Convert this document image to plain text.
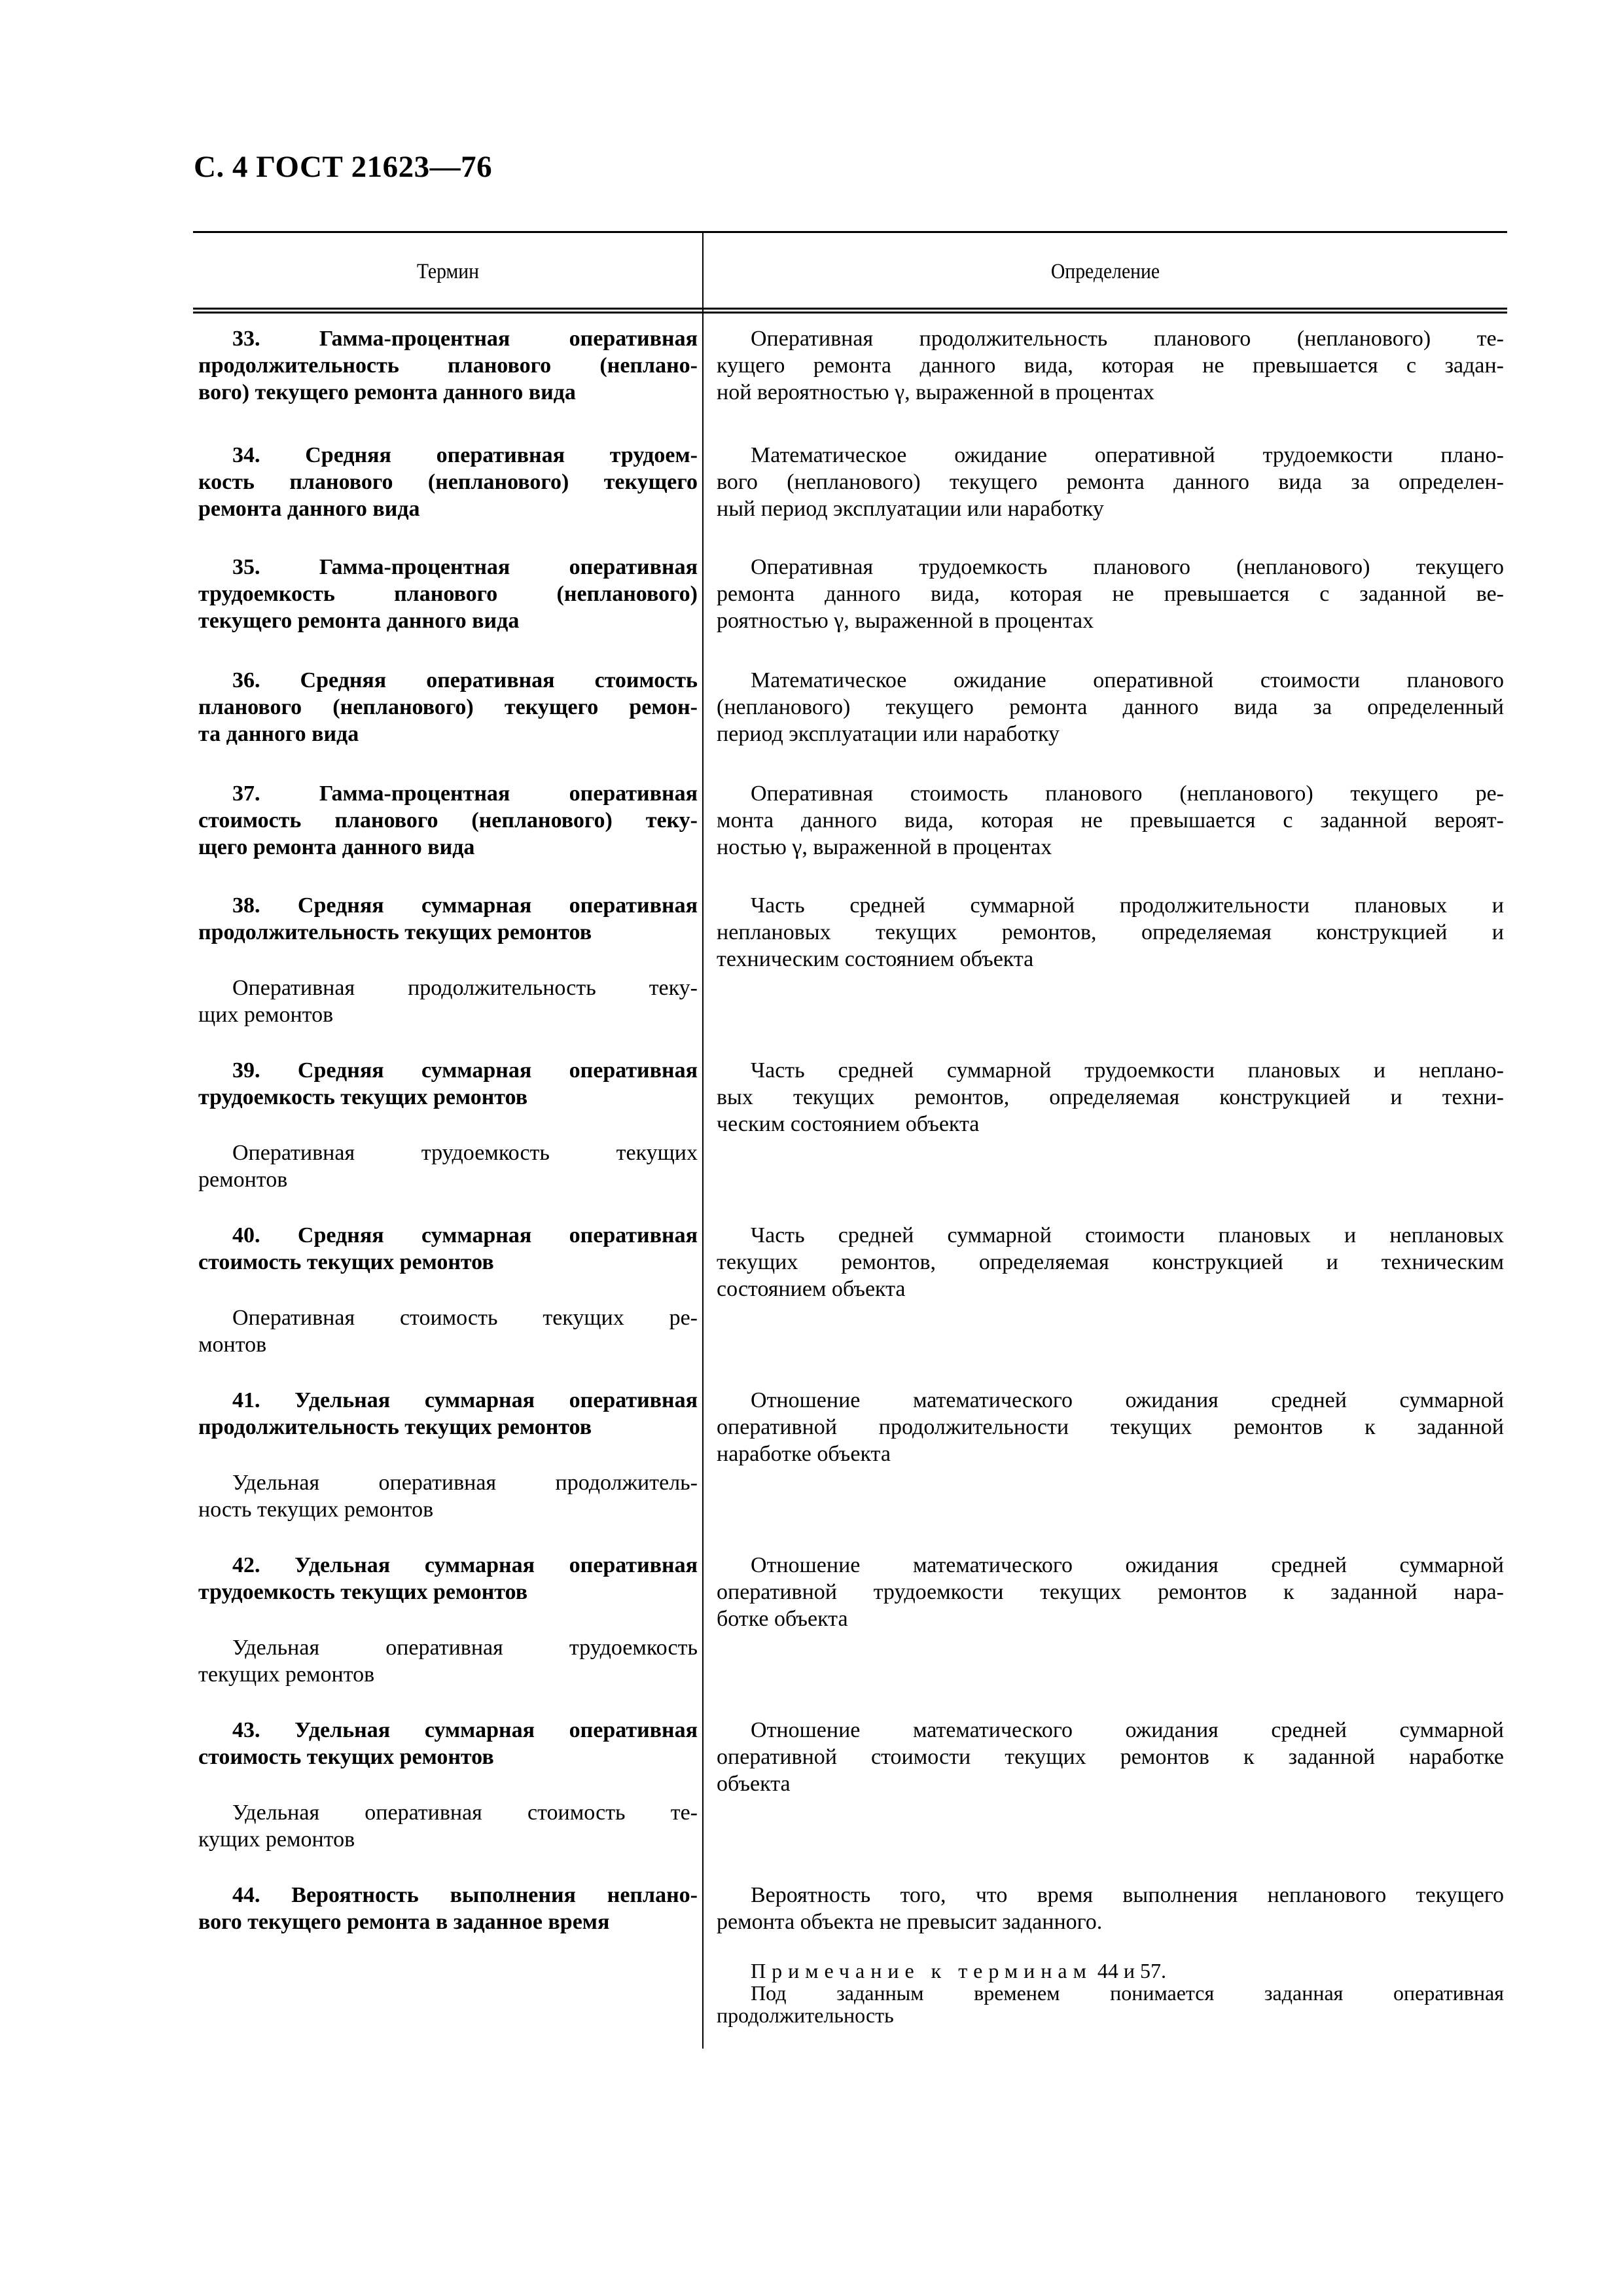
С. 4 ГОСТ 21623—76
Термин	Определение
33. Гамма-процентная оперативная
продолжительность планового (неплано-
вого) текущего ремонта данного вида
Оперативная продолжительность планового (непланового) те-
кущего ремонта данного вида, которая не превышается с задан-
ной вероятностью γ, выраженной в процентах
34. Средняя оперативная трудоем-
кость планового (непланового) текущего
ремонта данного вида
Математическое ожидание оперативной трудоемкости плано-
вого (непланового) текущего ремонта данного вида за определен-
ный период эксплуатации или наработку
35. Гамма-процентная оперативная
трудоемкость планового (непланового)
текущего ремонта данного вида
Оперативная трудоемкость планового (непланового) текущего
ремонта данного вида, которая не превышается с заданной ве-
роятностью γ, выраженной в процентах
36. Средняя оперативная стоимость
планового (непланового) текущего ремон-
та данного вида
Математическое ожидание оперативной стоимости планового
(непланового) текущего ремонта данного вида за определенный
период эксплуатации или наработку
37. Гамма-процентная оперативная
стоимость планового (непланового) теку-
щего ремонта данного вида
Оперативная стоимость планового (непланового) текущего ре-
монта данного вида, которая не превышается с заданной вероят-
ностью γ, выраженной в процентах
38. Средняя суммарная оперативная
продолжительность текущих ремонтов
Оперативная продолжительность теку-
щих ремонтов
Часть средней суммарной продолжительности плановых и
неплановых текущих ремонтов, определяемая конструкцией и
техническим состоянием объекта
39. Средняя суммарная оперативная
трудоемкость текущих ремонтов
Оперативная трудоемкость текущих
ремонтов
Часть средней суммарной трудоемкости плановых и неплано-
вых текущих ремонтов, определяемая конструкцией и техни-
ческим состоянием объекта
40. Средняя суммарная оперативная
стоимость текущих ремонтов
Оперативная стоимость текущих ре-
монтов
Часть средней суммарной стоимости плановых и неплановых
текущих ремонтов, определяемая конструкцией и техническим
состоянием объекта
41. Удельная суммарная оперативная
продолжительность текущих ремонтов
Удельная оперативная продолжитель-
ность текущих ремонтов
Отношение математического ожидания средней суммарной
оперативной продолжительности текущих ремонтов к заданной
наработке объекта
42. Удельная суммарная оперативная
трудоемкость текущих ремонтов
Удельная оперативная трудоемкость
текущих ремонтов
Отношение математического ожидания средней суммарной
оперативной трудоемкости текущих ремонтов к заданной нара-
ботке объекта
43. Удельная суммарная оперативная
стоимость текущих ремонтов
Удельная оперативная стоимость те-
кущих ремонтов
Отношение математического ожидания средней суммарной
оперативной стоимости текущих ремонтов к заданной наработке
объекта
44. Вероятность выполнения неплано-
вого текущего ремонта в заданное время
Вероятность того, что время выполнения непланового текущего
ремонта объекта не превысит заданного.
Примечание к терминам 44 и 57.
Под заданным временем понимается заданная оперативная
продолжительность
